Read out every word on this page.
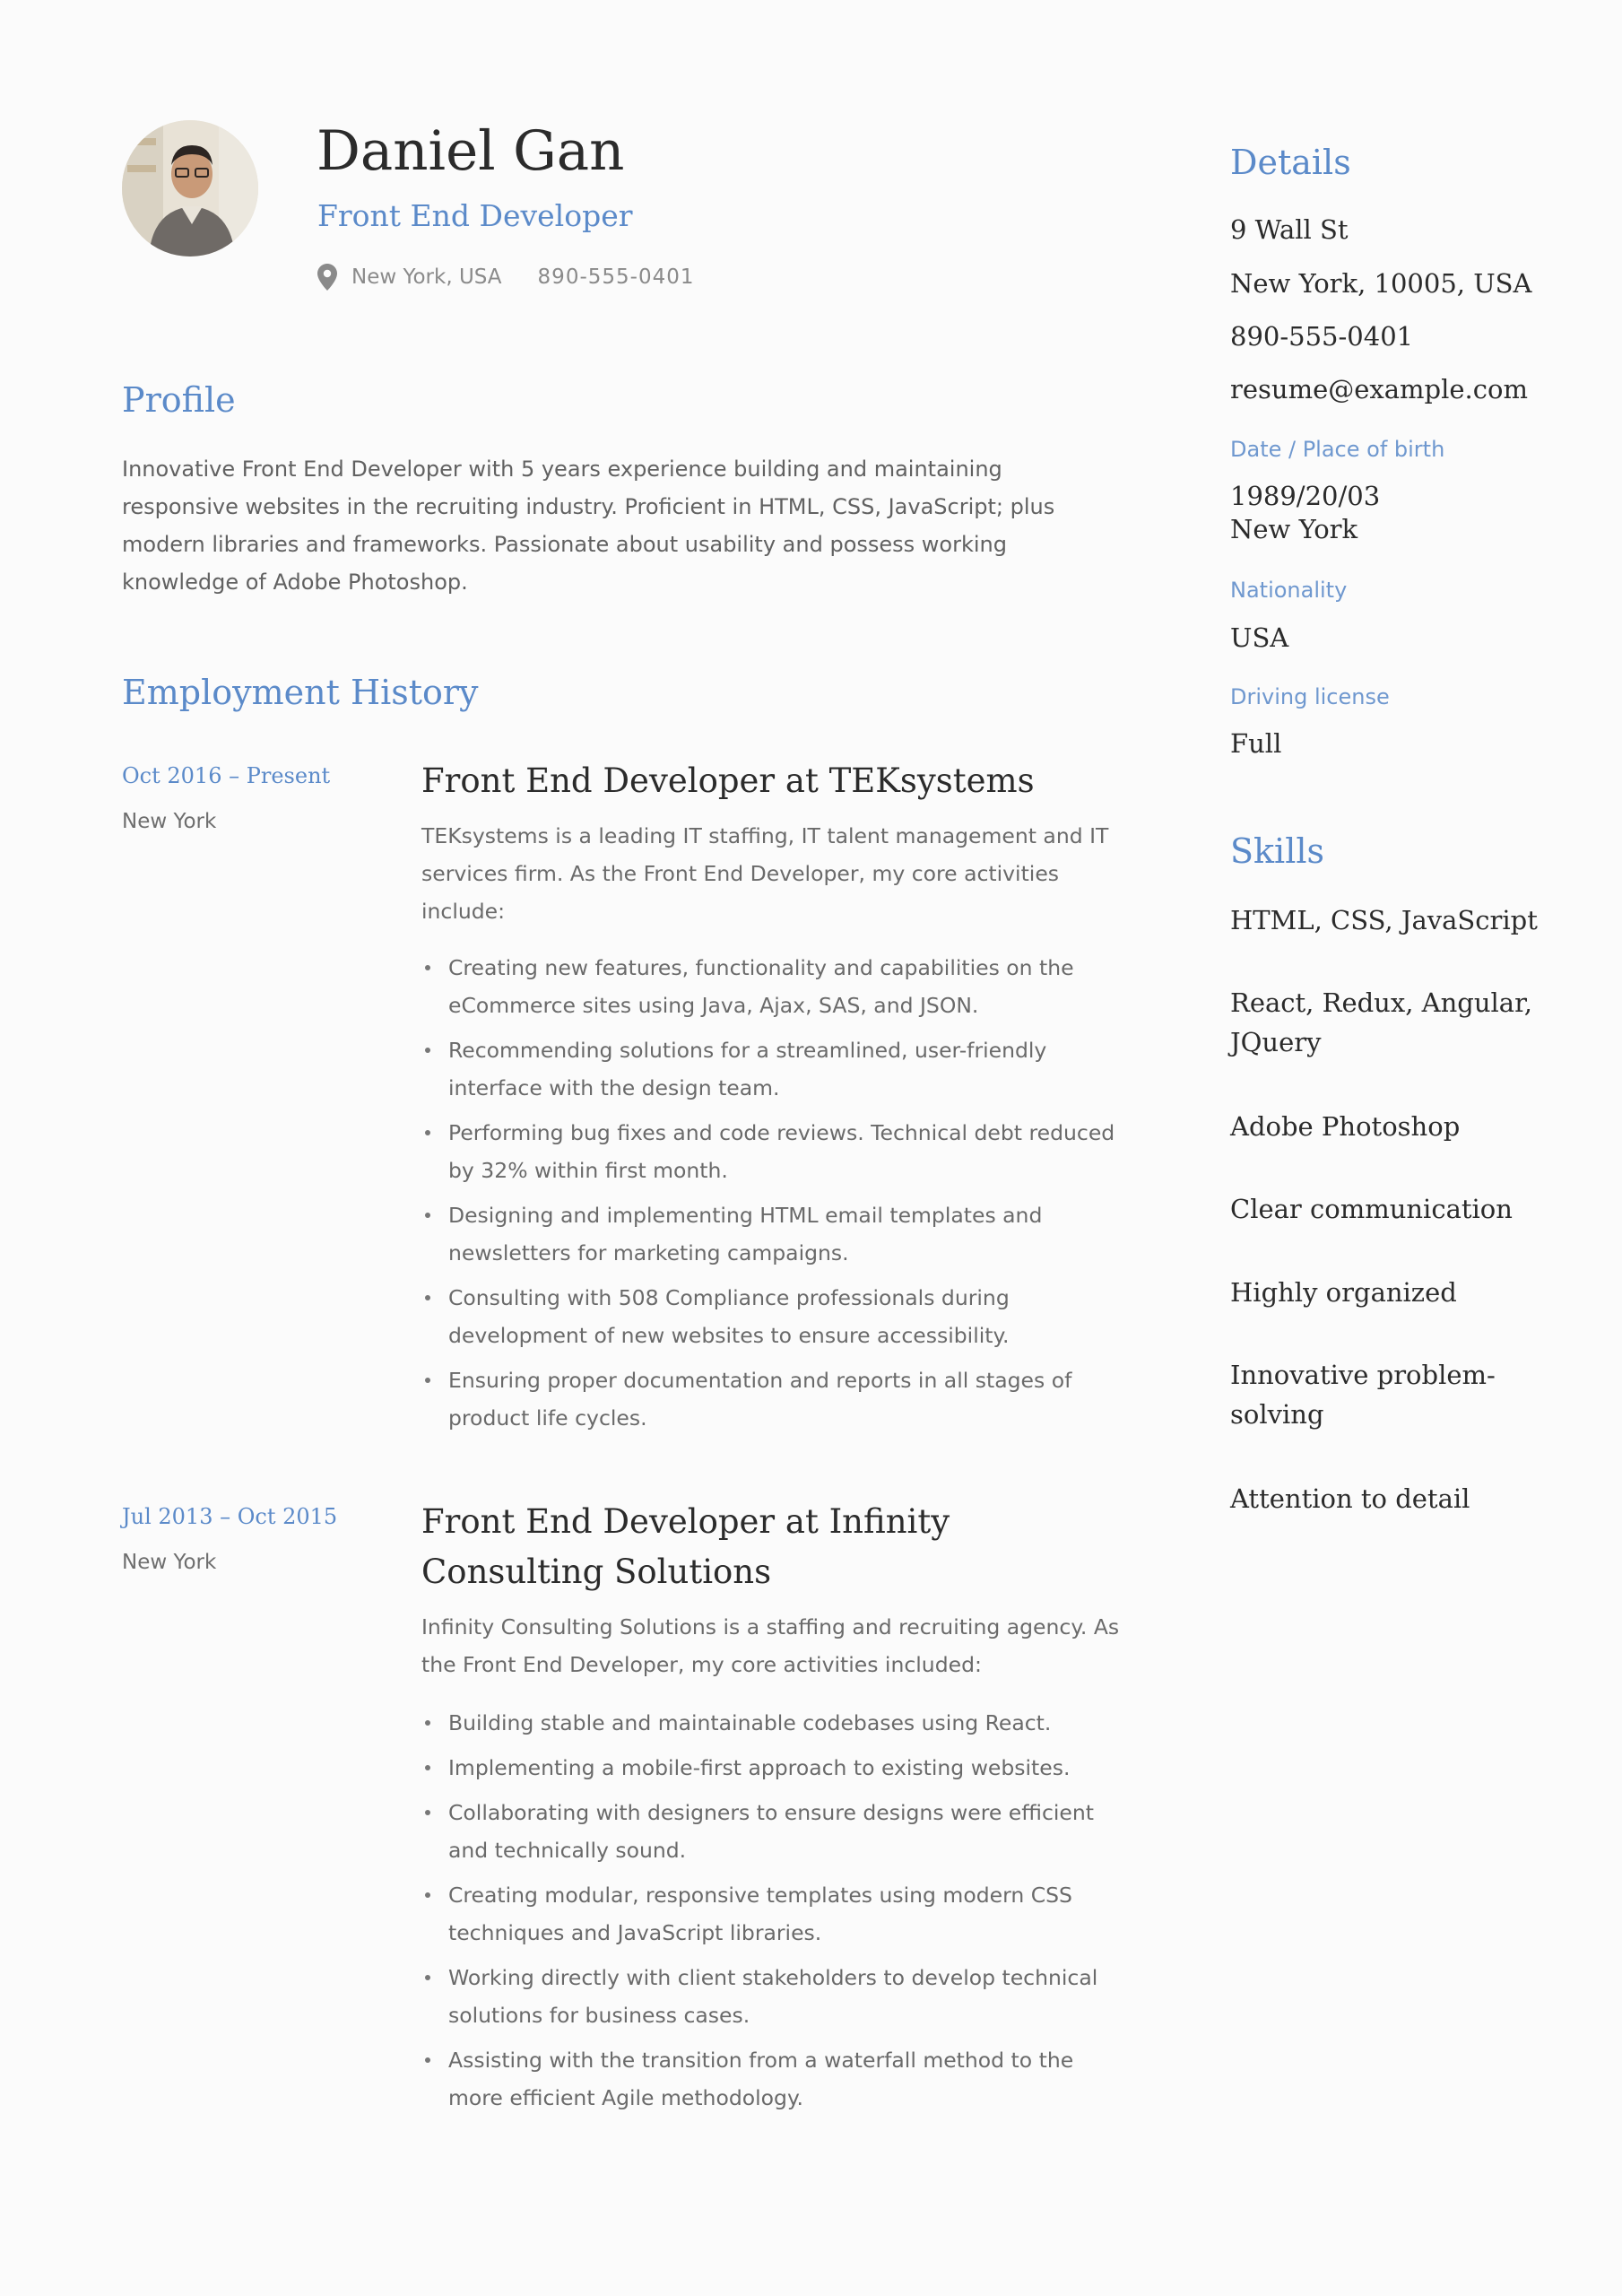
Daniel Gan
Front End Developer
New York, USA 890-555-0401
Profile

Innovative Front End Developer with 5 years experience building and maintaining responsive websites in the recruiting industry. Proficient in HTML, CSS, JavaScript; plus modern libraries and frameworks. Passionate about usability and possess working knowledge of Adobe Photoshop.

Employment History
Oct 2016 – Present
New York
Front End Developer at TEKsystems

TEKsystems is a leading IT staffing, IT talent management and IT services firm. As the Front End Developer, my core activities include:

Creating new features, functionality and capabilities on the eCommerce sites using Java, Ajax, SAS, and JSON.
Recommending solutions for a streamlined, user-friendly interface with the design team.
Performing bug fixes and code reviews. Technical debt reduced by 32% within first month.
Designing and implementing HTML email templates and newsletters for marketing campaigns.
Consulting with 508 Compliance professionals during development of new websites to ensure accessibility.
Ensuring proper documentation and reports in all stages of product life cycles.
Jul 2013 – Oct 2015
New York
Front End Developer at Infinity Consulting Solutions

Infinity Consulting Solutions is a staffing and recruiting agency. As the Front End Developer, my core activities included:

Building stable and maintainable codebases using React.
Implementing a mobile-first approach to existing websites.
Collaborating with designers to ensure designs were efficient and technically sound.
Creating modular, responsive templates using modern CSS techniques and JavaScript libraries.
Working directly with client stakeholders to develop technical solutions for business cases.
Assisting with the transition from a waterfall method to the more efficient Agile methodology.
Details
9 Wall St
New York, 10005, USA
890-555-0401
resume@example.com
Date / Place of birth
1989/20/03
New York
Nationality
USA
Driving license
Full
Skills
HTML, CSS, JavaScript
React, Redux, Angular, JQuery
Adobe Photoshop
Clear communication
Highly organized
Innovative problem-solving
Attention to detail
